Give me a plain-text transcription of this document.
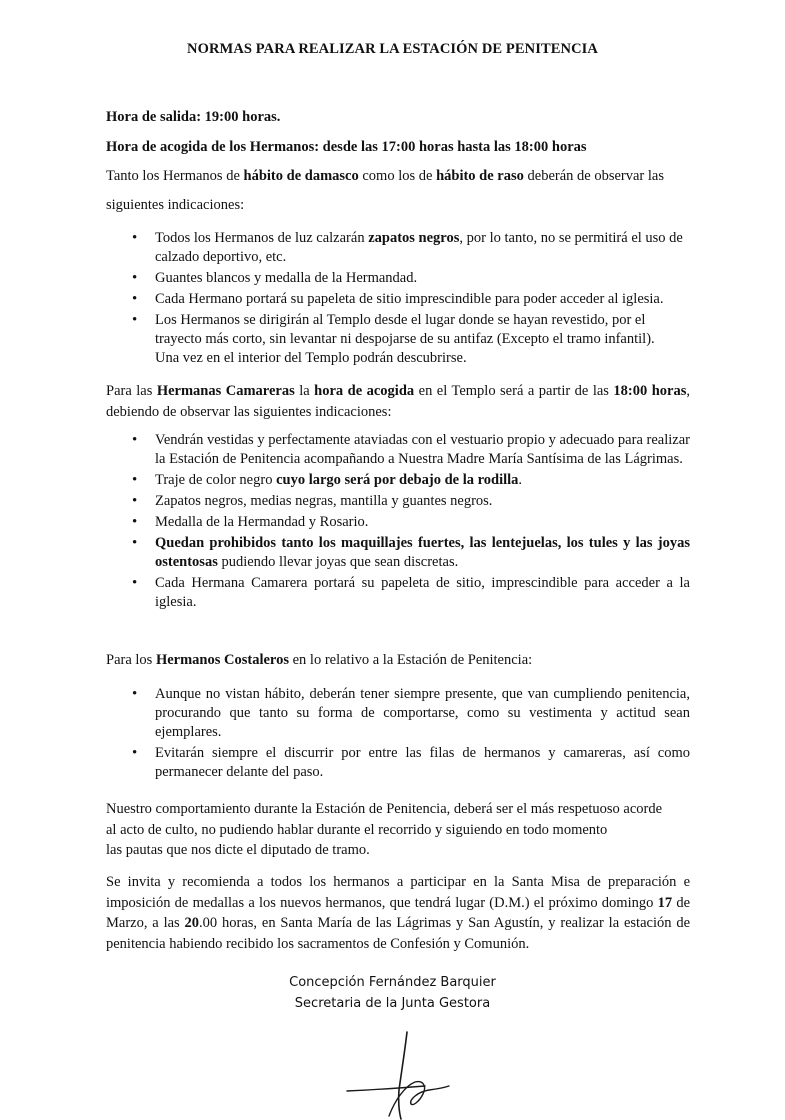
NORMAS PARA REALIZAR LA ESTACIÓN DE PENITENCIA

Hora de salida: 19:00 horas.

Hora de acogida de los Hermanos: desde las 17:00 horas hasta las 18:00 horas

Tanto los Hermanos de hábito de damasco como los de hábito de raso deberán de observar las

siguientes indicaciones:

• Todos los Hermanos de luz calzarán zapatos negros, por lo tanto, no se permitirá el uso de calzado deportivo, etc.
• Guantes blancos y medalla de la Hermandad.
• Cada Hermano portará su papeleta de sitio imprescindible para poder acceder al iglesia.
• Los Hermanos se dirigirán al Templo desde el lugar donde se hayan revestido, por el
trayecto más corto, sin levantar ni despojarse de su antifaz (Excepto el tramo infantil).
Una vez en el interior del Templo podrán descubrirse.

Para las Hermanas Camareras la hora de acogida en el Templo será a partir de las 18:00 horas, debiendo de observar las siguientes indicaciones:

• Vendrán vestidas y perfectamente ataviadas con el vestuario propio y adecuado para realizar la Estación de Penitencia acompañando a Nuestra Madre María Santísima de las Lágrimas.
• Traje de color negro cuyo largo será por debajo de la rodilla.
• Zapatos negros, medias negras, mantilla y guantes negros.
• Medalla de la Hermandad y Rosario.
• Quedan prohibidos tanto los maquillajes fuertes, las lentejuelas, los tules y las joyas ostentosas pudiendo llevar joyas que sean discretas.
• Cada Hermana Camarera portará su papeleta de sitio, imprescindible para acceder a la iglesia.

Para los Hermanos Costaleros en lo relativo a la Estación de Penitencia:

• Aunque no vistan hábito, deberán tener siempre presente, que van cumpliendo penitencia, procurando que tanto su forma de comportarse, como su vestimenta y actitud sean ejemplares.
• Evitarán siempre el discurrir por entre las filas de hermanos y camareras, así como permanecer delante del paso.

Nuestro comportamiento durante la Estación de Penitencia, deberá ser el más respetuoso acorde
al acto de culto, no pudiendo hablar durante el recorrido y siguiendo en todo momento
las pautas que nos dicte el diputado de tramo.

Se invita y recomienda a todos los hermanos a participar en la Santa Misa de preparación e imposición de medallas a los nuevos hermanos, que tendrá lugar (D.M.) el próximo domingo 17 de Marzo, a las 20.00 horas, en Santa María de las Lágrimas y San Agustín, y realizar la estación de penitencia habiendo recibido los sacramentos de Confesión y Comunión.

Concepción Fernández Barquier
Secretaria de la Junta Gestora
